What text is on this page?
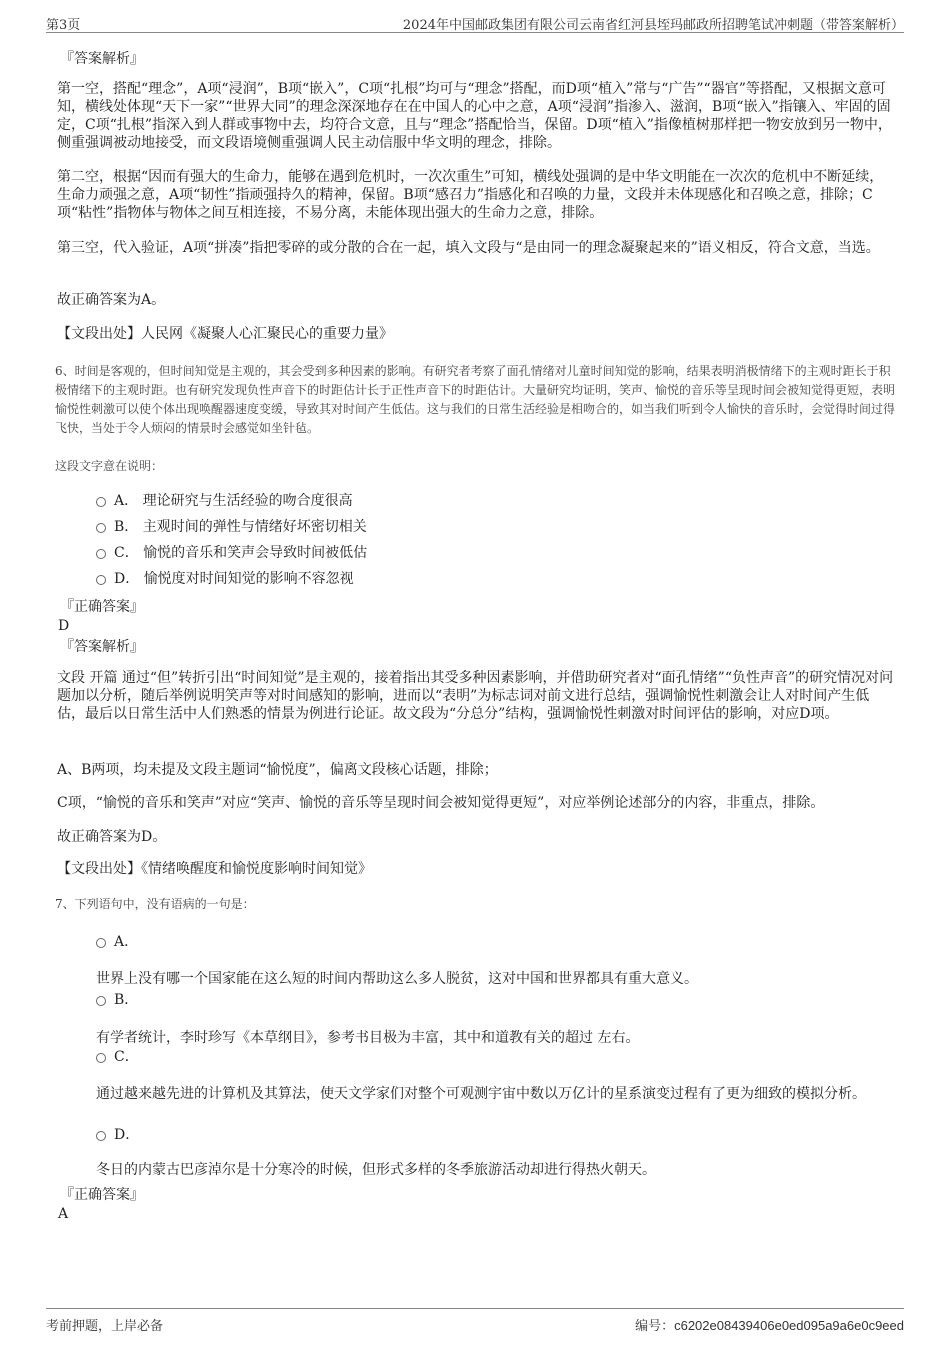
第3页	2024年中国邮政集团有限公司云南省红河县垤玛邮政所招聘笔试冲刺题（带答案解析）
『答案解析』
第一空，搭配“理念”，A项“浸润”，B项“嵌入”，C项“扎根”均可与“理念”搭配，而D项“植入”常与“广告”“器官”等搭配，又根据文意可知，横线处体现“天下一家”“世界大同”的理念深深地存在在中国人的心中之意，A项“浸润”指渗入、滋润，B项“嵌入”指镶入、牢固的固定，C项“扎根”指深入到人群或事物中去，均符合文意，且与“理念”搭配恰当，保留。D项“植入”指像植树那样把一物安放到另一物中，侧重强调被动地接受，而文段语境侧重强调人民主动信服中华文明的理念，排除。
第二空，根据“因而有强大的生命力，能够在遇到危机时，一次次重生”可知，横线处强调的是中华文明能在一次次的危机中不断延续，生命力顽强之意，A项“韧性”指顽强持久的精神，保留。B项“感召力”指感化和召唤的力量，文段并未体现感化和召唤之意，排除；C项“粘性”指物体与物体之间互相连接，不易分离，未能体现出强大的生命力之意，排除。
第三空，代入验证，A项“拼凑”指把零碎的或分散的合在一起，填入文段与“是由同一的理念凝聚起来的”语义相反，符合文意，当选。
故正确答案为A。
【文段出处】人民网《凝聚人心汇聚民心的重要力量》
6、时间是客观的，但时间知觉是主观的，其会受到多种因素的影响。有研究者考察了面孔情绪对儿童时间知觉的影响，结果表明消极情绪下的主观时距长于积极情绪下的主观时距。也有研究发现负性声音下的时距估计长于正性声音下的时距估计。大量研究均证明，笑声、愉悦的音乐等呈现时间会被知觉得更短，表明愉悦性刺激可以使个体出现唤醒器速度变缓，导致其对时间产生低估。这与我们的日常生活经验是相吻合的，如当我们听到令人愉快的音乐时，会觉得时间过得飞快，当处于令人烦闷的情景时会感觉如坐针毡。
这段文字意在说明：
A． 理论研究与生活经验的吻合度很高
B． 主观时间的弹性与情绪好坏密切相关
C． 愉悦的音乐和笑声会导致时间被低估
D． 愉悦度对时间知觉的影响不容忽视
『正确答案』
D
『答案解析』
文段 开篇 通过“但”转折引出“时间知觉”是主观的，接着指出其受多种因素影响，并借助研究者对“面孔情绪”“负性声音”的研究情况对问题加以分析，随后举例说明笑声等对时间感知的影响，进而以“表明”为标志词对前文进行总结，强调愉悦性刺激会让人对时间产生低估，最后以日常生活中人们熟悉的情景为例进行论证。故文段为“分总分”结构，强调愉悦性刺激对时间评估的影响，对应D项。
A、B两项，均未提及文段主题词“愉悦度”，偏离文段核心话题，排除；
C项，“愉悦的音乐和笑声”对应“笑声、愉悦的音乐等呈现时间会被知觉得更短”，对应举例论述部分的内容，非重点，排除。
故正确答案为D。
【文段出处】《情绪唤醒度和愉悦度影响时间知觉》
7、下列语句中，没有语病的一句是：
A．
世界上没有哪一个国家能在这么短的时间内帮助这么多人脱贫，这对中国和世界都具有重大意义。
B．
有学者统计，李时珍写《本草纲目》，参考书目极为丰富，其中和道教有关的超过 左右。
C．
通过越来越先进的计算机及其算法，使天文学家们对整个可观测宇宙中数以万亿计的星系演变过程有了更为细致的模拟分析。
D．
冬日的内蒙古巴彦淖尔是十分寒冷的时候，但形式多样的冬季旅游活动却进行得热火朝天。
『正确答案』
A
考前押题，上岸必备	编号：c6202e08439406e0ed095a9a6e0c9eed
